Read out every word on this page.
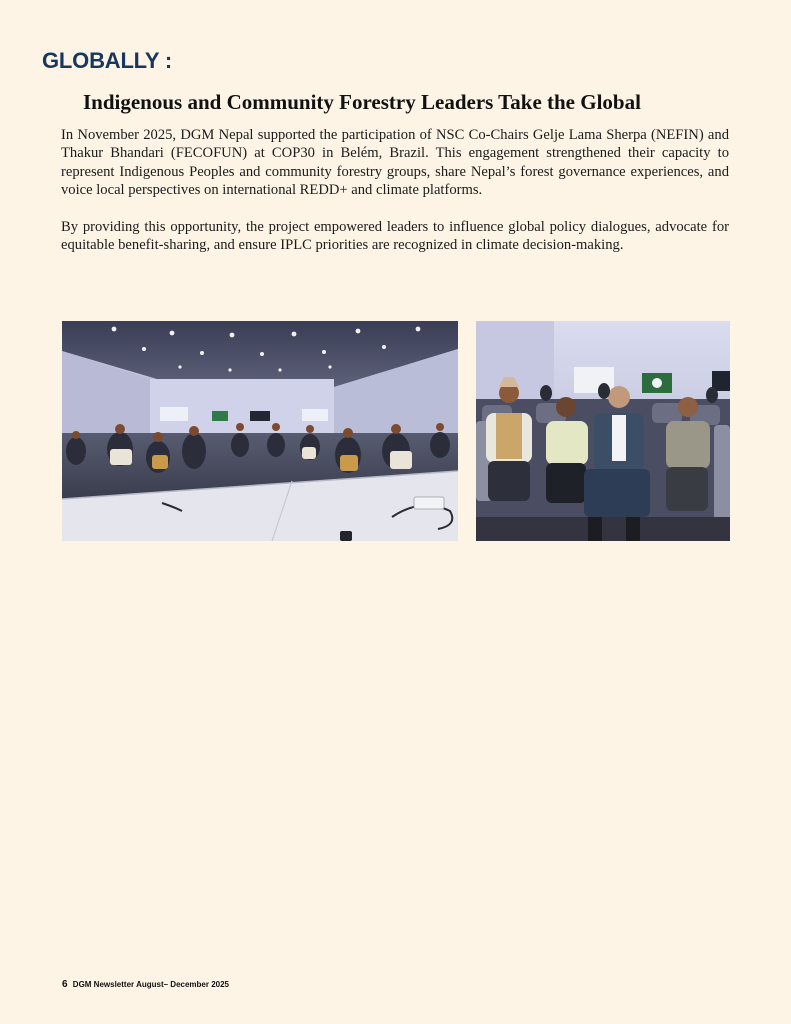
GLOBALLY :
Indigenous and Community Forestry Leaders Take the Global

In November 2025, DGM Nepal supported the participation of NSC Co-Chairs Gelje Lama Sherpa (NEFIN) and Thakur Bhandari (FECOFUN) at COP30 in Belém, Brazil. This engagement strengthened their capacity to represent Indigenous Peoples and community forestry groups, share Nepal’s forest governance experiences, and voice local perspectives on international REDD+ and climate platforms.

By providing this opportunity, the project empowered leaders to influence global policy dialogues, advocate for equitable benefit-sharing, and ensure IPLC priorities are recognized in climate decision-making.

6 DGM Newsletter August– December 2025
